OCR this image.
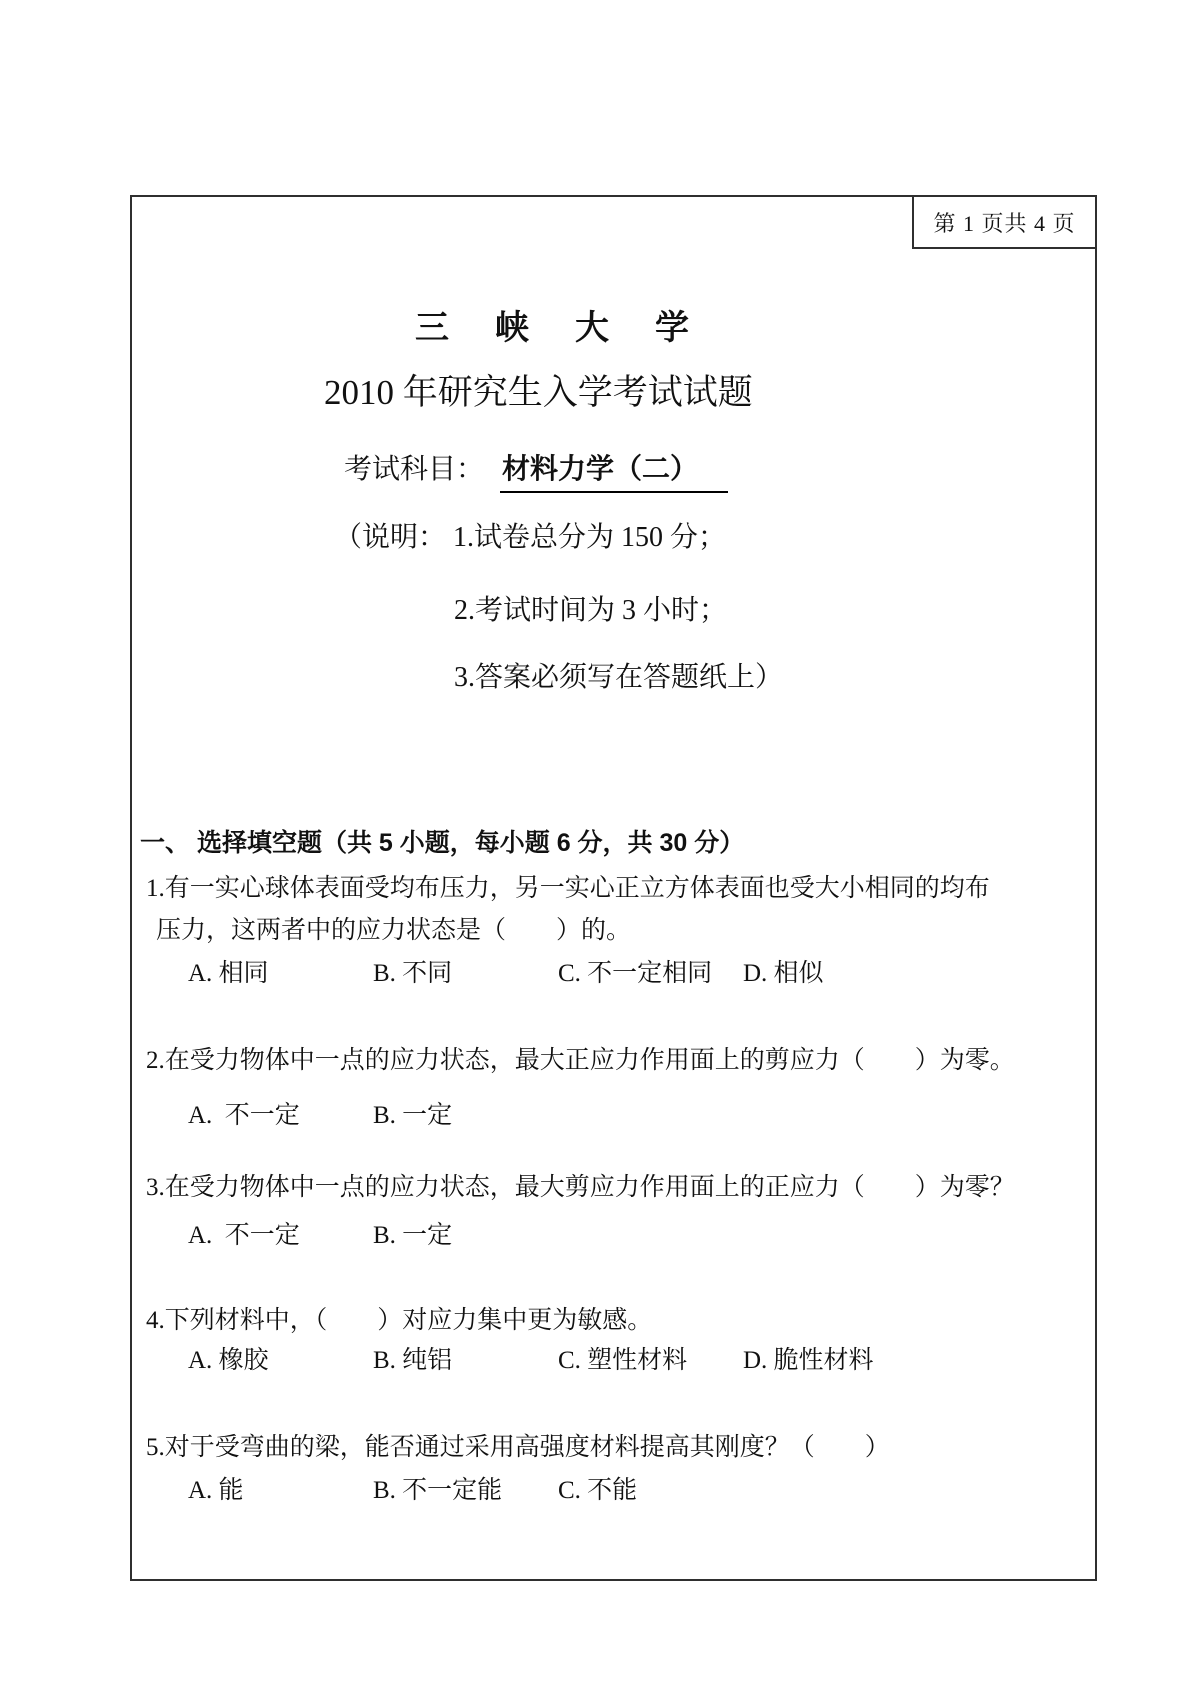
第 1 页共 4 页
三　峡　大　学
2010 年研究生入学考试试题
考试科目： 材料力学（二）
（说明： 1.试卷总分为 150 分；
2.考试时间为 3 小时；
3.答案必须写在答题纸上）
一、 选择填空题（共 5 小题，每小题 6 分，共 30 分）
1.有一实心球体表面受均布压力，另一实心正立方体表面也受大小相同的均布
压力，这两者中的应力状态是（　　）的。
A. 相同	B. 不同	C. 不一定相同 D. 相似
2.在受力物体中一点的应力状态，最大正应力作用面上的剪应力（　　）为零。
A.  不一定	B. 一定
3.在受力物体中一点的应力状态，最大剪应力作用面上的正应力（　　）为零？
A.  不一定	B. 一定
4.下列材料中，（　　）对应力集中更为敏感。
A. 橡胶	B. 纯铝	C. 塑性材料 D. 脆性材料
5.对于受弯曲的梁，能否通过采用高强度材料提高其刚度？（　　）
A. 能	B. 不一定能 C. 不能
